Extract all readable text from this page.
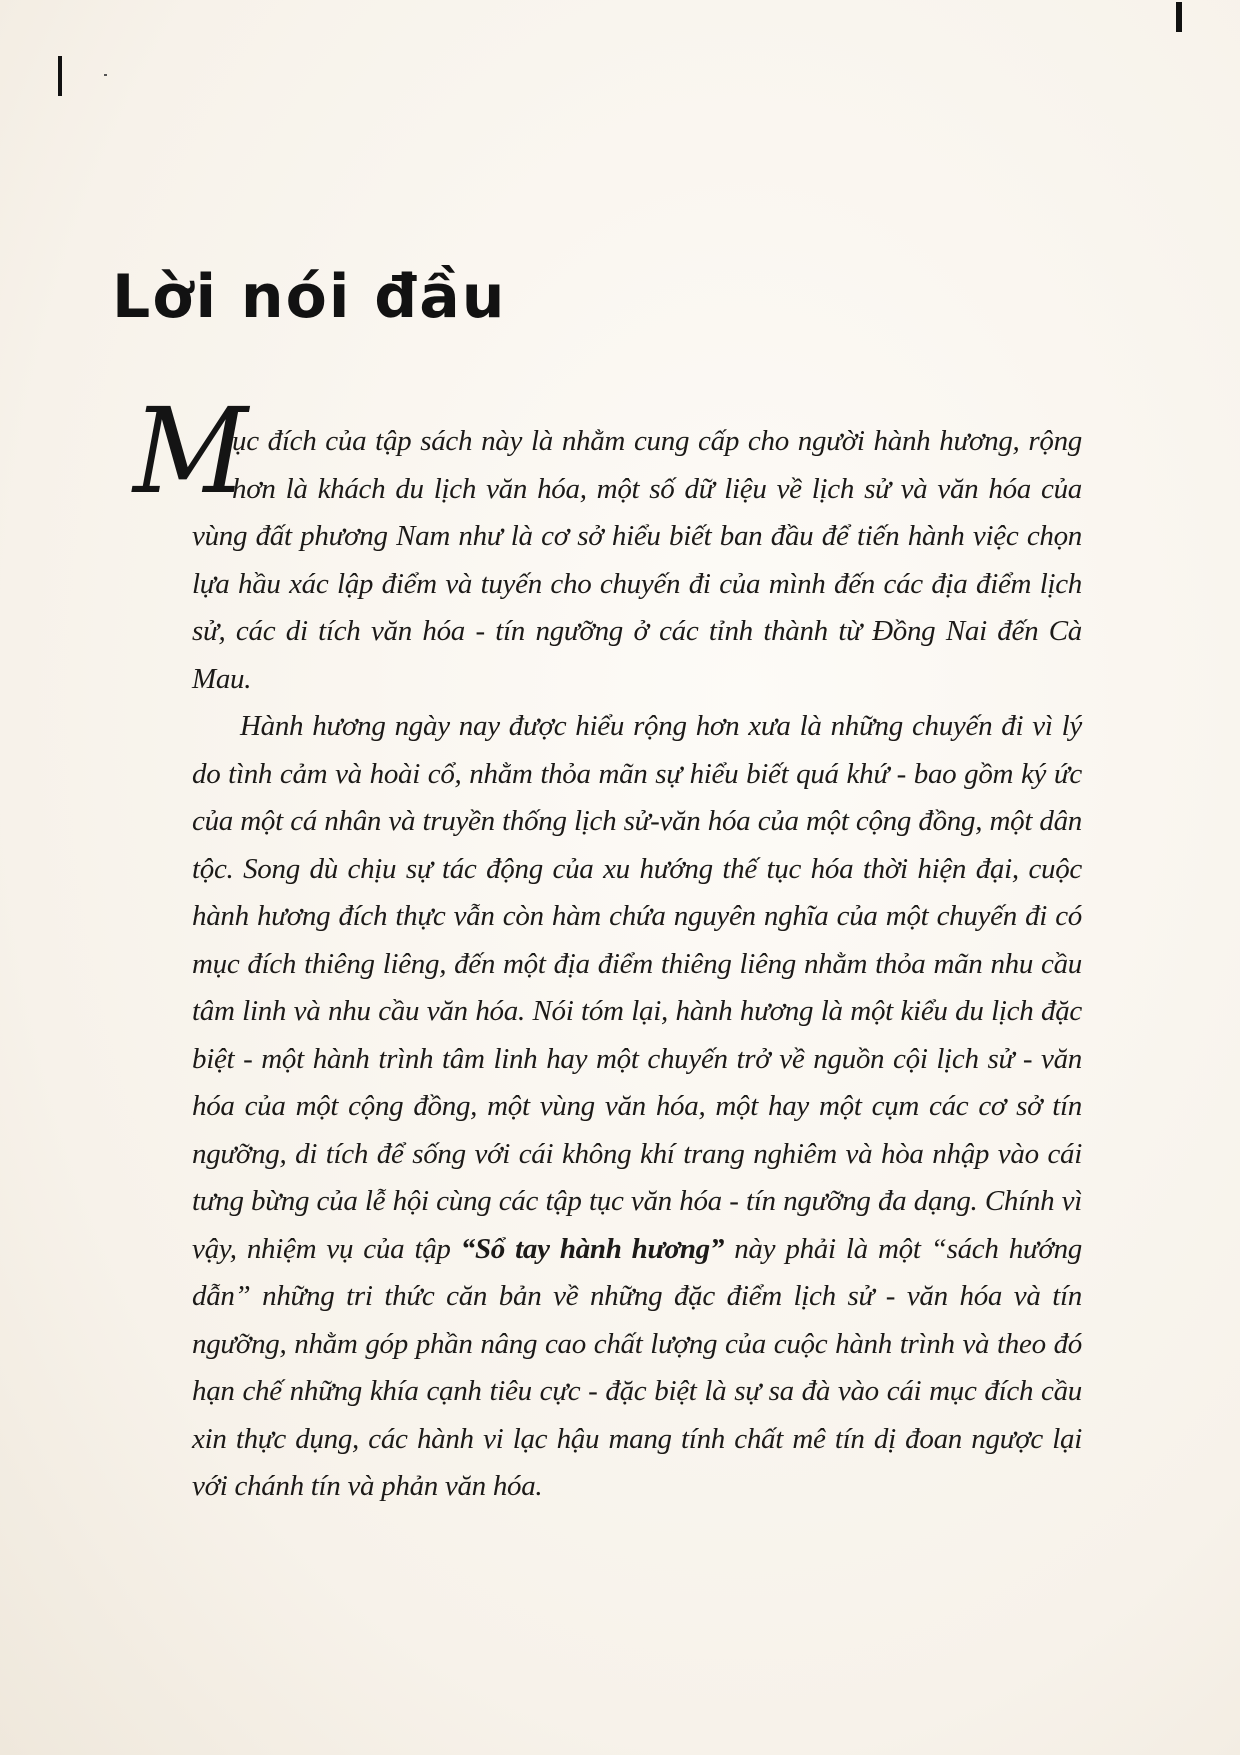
Lời nói đầu
M

ục đích của tập sách này là nhằm cung cấp cho người hành hương, rộng hơn là khách du lịch văn hóa, một số dữ liệu về lịch sử và văn hóa của vùng đất phương Nam như là cơ sở hiểu biết ban đầu để tiến hành việc chọn lựa hầu xác lập điểm và tuyến cho chuyến đi của mình đến các địa điểm lịch sử, các di tích văn hóa - tín ngưỡng ở các tỉnh thành từ Đồng Nai đến Cà Mau.

Hành hương ngày nay được hiểu rộng hơn xưa là những chuyến đi vì lý do tình cảm và hoài cổ, nhằm thỏa mãn sự hiểu biết quá khứ - bao gồm ký ức của một cá nhân và truyền thống lịch sử-văn hóa của một cộng đồng, một dân tộc. Song dù chịu sự tác động của xu hướng thế tục hóa thời hiện đại, cuộc hành hương đích thực vẫn còn hàm chứa nguyên nghĩa của một chuyến đi có mục đích thiêng liêng, đến một địa điểm thiêng liêng nhằm thỏa mãn nhu cầu tâm linh và nhu cầu văn hóa. Nói tóm lại, hành hương là một kiểu du lịch đặc biệt - một hành trình tâm linh hay một chuyến trở về nguồn cội lịch sử - văn hóa của một cộng đồng, một vùng văn hóa, một hay một cụm các cơ sở tín ngưỡng, di tích để sống với cái không khí trang nghiêm và hòa nhập vào cái tưng bừng của lễ hội cùng các tập tục văn hóa - tín ngưỡng đa dạng. Chính vì vậy, nhiệm vụ của tập “Sổ tay hành hương” này phải là một “sách hướng dẫn” những tri thức căn bản về những đặc điểm lịch sử - văn hóa và tín ngưỡng, nhằm góp phần nâng cao chất lượng của cuộc hành trình và theo đó hạn chế những khía cạnh tiêu cực - đặc biệt là sự sa đà vào cái mục đích cầu xin thực dụng, các hành vi lạc hậu mang tính chất mê tín dị đoan ngược lại với chánh tín và phản văn hóa.
